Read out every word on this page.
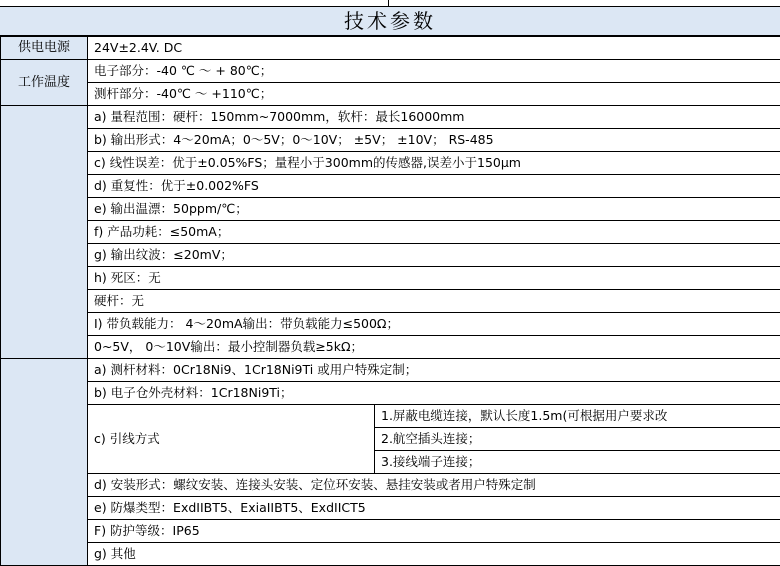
技术参数
供电电源	24V±2.4V. DC	
工作温度	电子部分：-40 ℃ ～ + 80℃；	
	测杆部分：-40℃ ～ +110℃；	
	a) 量程范围：硬杆：150mm~7000mm，软杆：最长16000mm	
	b) 输出形式：4～20mA；0～5V；0～10V； ±5V； ±10V； RS-485	
	c) 线性误差：优于±0.05%FS；量程小于300mm的传感器,误差小于150μm	
	d) 重复性：优于±0.002%FS	
	e) 输出温漂：50ppm/℃；	
	f) 产品功耗：≤50mA；	
	g) 输出纹波：≤20mV；	
	h) 死区：无	
	硬杆：无	
	I) 带负载能力： 4～20mA输出：带负载能力≤500Ω；	
	0~5V， 0～10V输出：最小控制器负载≥5kΩ；	
	a) 测杆材料：0Cr18Ni9、1Cr18Ni9Ti 或用户特殊定制；	
	b) 电子仓外壳材料：1Cr18Ni9Ti；	
	c) 引线方式	1.屏蔽电缆连接，默认长度1.5m(可根据用户要求改
		2.航空插头连接；
		3.接线端子连接；
	d) 安装形式：螺纹安装、连接头安装、定位环安装、悬挂安装或者用户特殊定制	
	e) 防爆类型：ExdIIBT5、ExiaIIBT5、ExdIICT5	
	F) 防护等级：IP65	
	g) 其他	
